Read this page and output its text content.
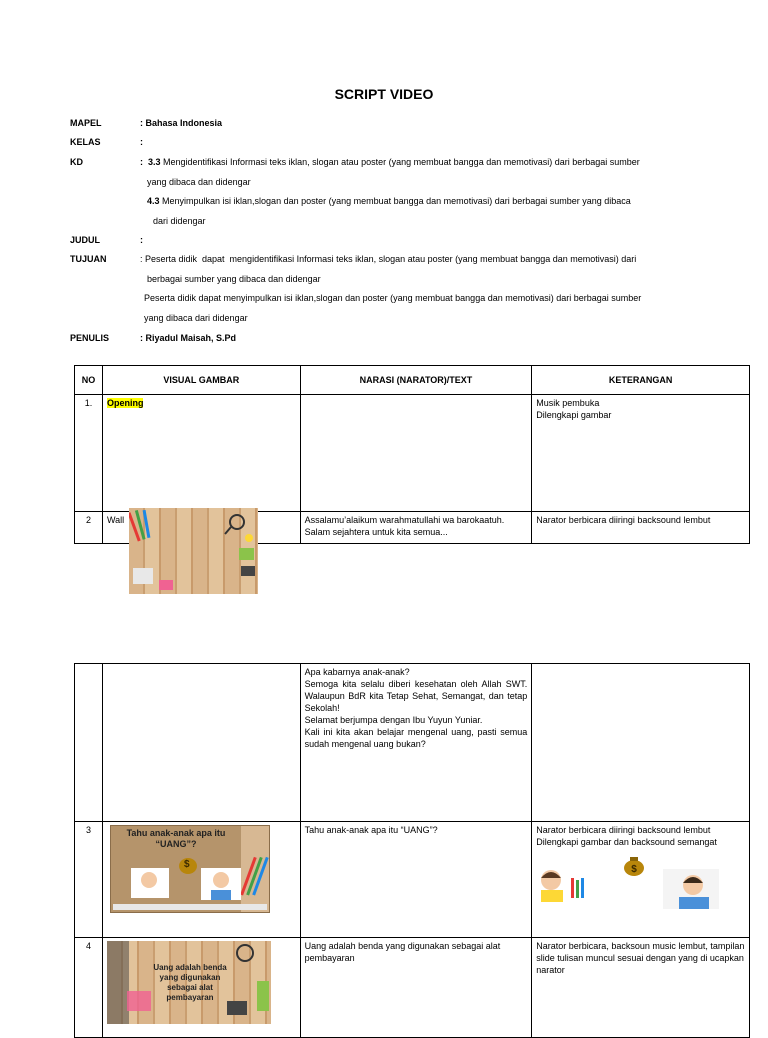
SCRIPT VIDEO
MAPEL	: Bahasa Indonesia
KELAS	:
KD	:  3.3 Mengidentifikasi Informasi teks iklan, slogan atau poster (yang membuat bangga dan memotivasi) dari berbagai sumber
yang dibaca dan didengar
4.3 Menyimpulkan isi iklan,slogan dan poster (yang membuat bangga dan memotivasi) dari berbagai sumber yang dibaca
dari didengar
JUDUL	:
TUJUAN	: Peserta didik  dapat  mengidentifikasi Informasi teks iklan, slogan atau poster (yang membuat bangga dan memotivasi) dari
berbagai sumber yang dibaca dan didengar
Peserta didik dapat menyimpulkan isi iklan,slogan dan poster (yang membuat bangga dan memotivasi) dari berbagai sumber
yang dibaca dari didengar
PENULIS	: Riyadul Maisah, S.Pd
NO	VISUAL GAMBAR	NARASI (NARATOR)/TEXT	KETERANGAN
1.	Opening		Musik pembuka
Dilengkapi gambar

2	Wall	Assalamu’alaikum warahmatullahi wa barokaatuh.
Salam sejahtera untuk kita semua...	Narator berbicara diiringi backsound lembut

		Apa kabarnya anak-anak?
Semoga kita selalu diberi kesehatan oleh Allah SWT. Walaupun BdR kita Tetap Sehat, Semangat, dan tetap Sekolah!
Selamat berjumpa dengan Ibu Yuyun Yuniar.
Kali ini kita akan belajar mengenal uang, pasti semua sudah mengenal uang bukan?	

3		Tahu anak-anak apa itu “UANG”?	Narator berbicara diiringi backsound lembut
Dilengkapi gambar dan backsound semangat

4		Uang adalah benda yang digunakan sebagai alat pembayaran	Narator berbicara, backsoun music lembut, tampilan slide tulisan muncul sesuai dengan yang di ucapkan narator
Tahu anak-anak apa itu “UANG”?
$	$
Uang adalah benda yang digunakan sebagai alat pembayaran
